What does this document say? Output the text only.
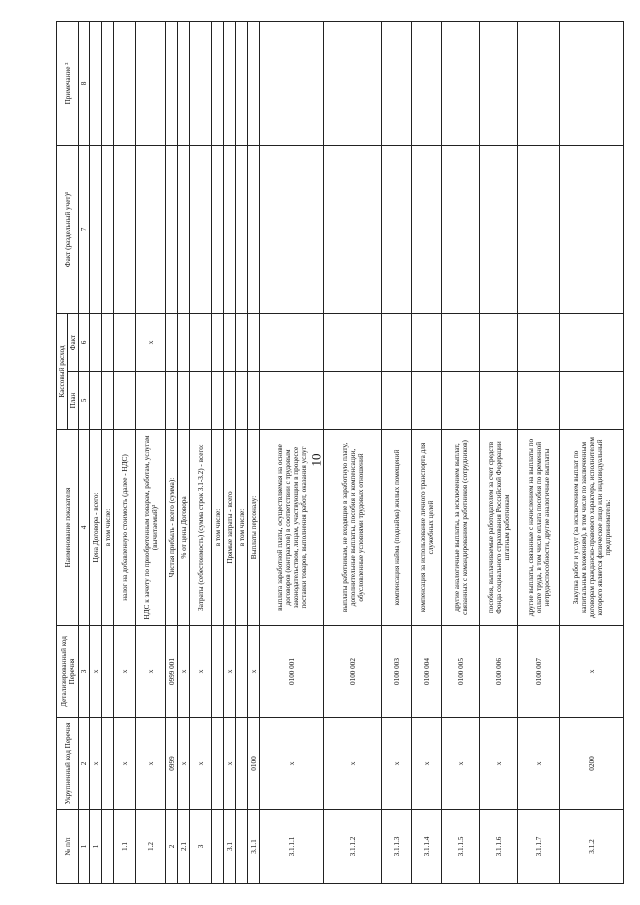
10
№ п/п	Укрупненный код Перечня	Детализированный код Перечня	Наименование показателя	Кассовый расход		Факт (раздельный учет)¹	Примечание ²
				План	Факт		
1	2	3	4	5	6	7	8
1	x	x	Цена Договора - всего:				
			в том числе:				
1.1	x	x	налог на добавленную стоимость (далее - НДС)				
1.2	x	x	НДС к зачету по приобретенным товарам, работам, услугам (вычитаемый)³		x		
2	0999	0999 001	Чистая прибыль - всего (сумма):				
2.1	x	x	% от цены Договора				
3	x	x	Затраты (себестоимость) (сумма строк 3.1-3.2) - всего:				
			в том числе:				
3.1	x	x	Прямые затраты - всего				
			в том числе:				
3.1.1	0100	x	Выплаты персоналу:				
3.1.1.1	x	0100 001	выплата заработной платы, осуществляемая на основе договоров (контрактов) в соответствии с трудовым законодательством, лицам, участвующим в процессе поставки товаров, выполнения работ, оказания услуг				
3.1.1.2	x	0100 002	выплаты работникам, не входящие в заработную плату, дополнительные выплаты, пособия и компенсации, обусловленные условиями трудовых отношений				
3.1.1.3	x	0100 003	компенсация найма (поднайма) жилых помещений				
3.1.1.4	x	0100 004	компенсация за использование личного транспорта для служебных целей				
3.1.1.5	x	0100 005	другие аналогичные выплаты, за исключением выплат, связанных с командированием работников (сотрудников)				
3.1.1.6	x	0100 006	пособия, выплачиваемые работодателем за счет средств Фонда социального страхования Российской Федерации штатным работникам				
3.1.1.7	x	0100 007	другие выплаты, связанные с начислением на выплаты по оплате труда, в том числе оплата пособия по временной нетрудоспособности, другие аналогичные выплаты				
3.1.2	0200	x	Закупка работ и услуг (за исключением выплат по капитальным вложениям), в том числе по заключенным договорам гражданско-правового характера, исполнителем которого является физическое лицо или индивидуальный предприниматель:				
